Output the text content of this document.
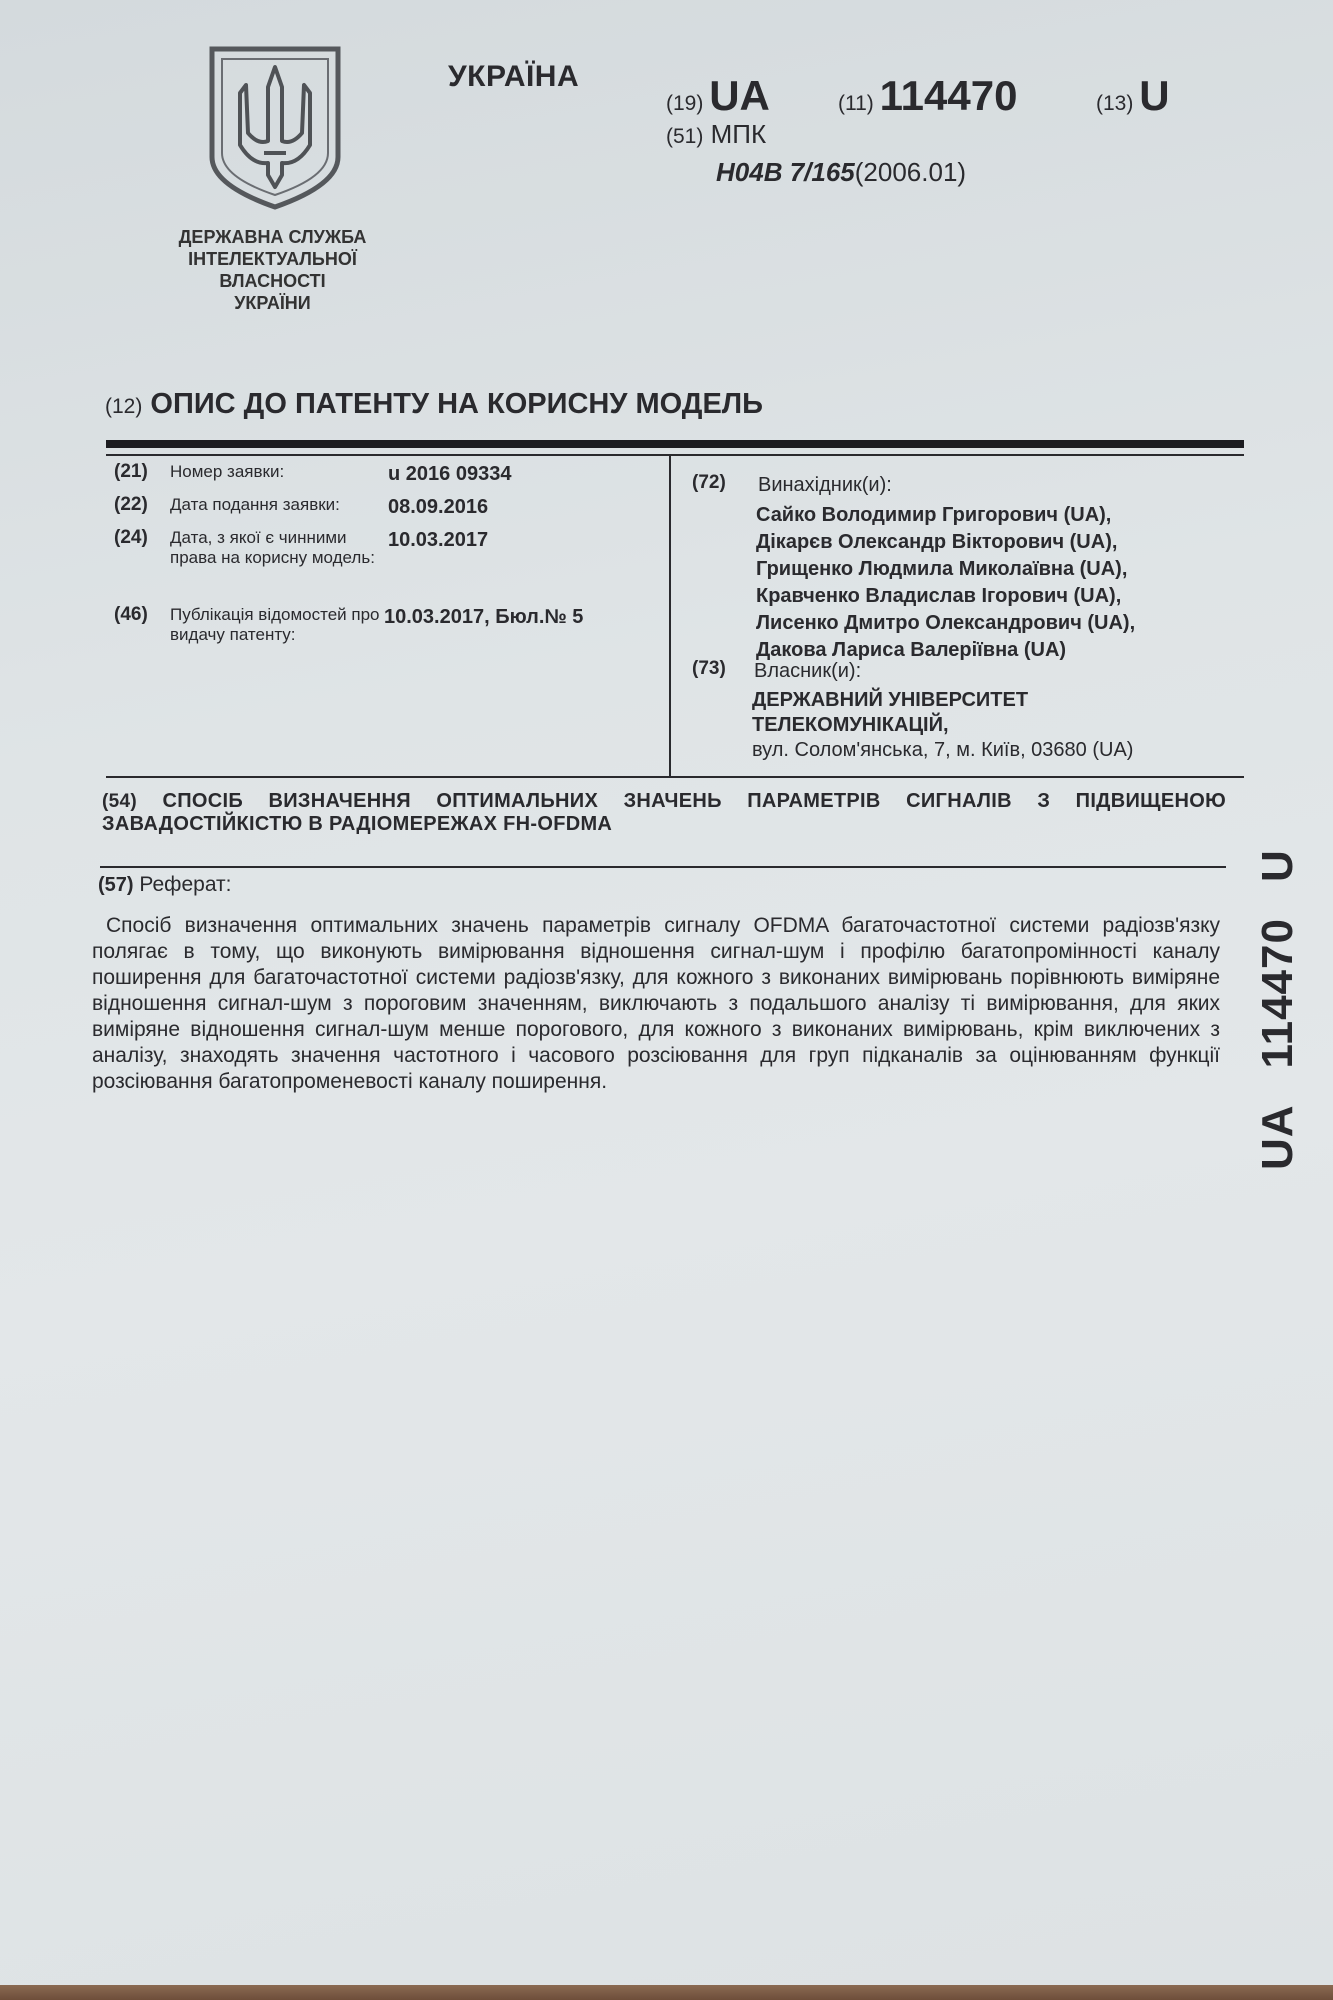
ДЕРЖАВНА СЛУЖБА
ІНТЕЛЕКТУАЛЬНОЇ
ВЛАСНОСТІ
УКРАЇНИ
УКРАЇНА
(19) UA	(11) 114470	(13) U
(51) МПК
H04B 7/165(2006.01)
(12) ОПИС ДО ПАТЕНТУ НА КОРИСНУ МОДЕЛЬ
(21) Номер заявки:	u 2016 09334
(22) Дата подання заявки:	08.09.2016
(24) Дата, з якої є чинними права на корисну модель:
10.03.2017
(46) Публікація відомостей про видачу патенту:
10.03.2017, Бюл.№ 5
(72) Винахідник(и):
Сайко Володимир Григорович (UA),
Дікарєв Олександр Вікторович (UA),
Грищенко Людмила Миколаївна (UA),
Кравченко Владислав Ігорович (UA),
Лисенко Дмитро Олександрович (UA),
Дакова Лариса Валеріївна (UA)
(73) Власник(и):
ДЕРЖАВНИЙ УНІВЕРСИТЕТ
ТЕЛЕКОМУНІКАЦІЙ,
вул. Солом'янська, 7, м. Київ, 03680 (UA)
(54) СПОСІБ ВИЗНАЧЕННЯ ОПТИМАЛЬНИХ ЗНАЧЕНЬ ПАРАМЕТРІВ СИГНАЛІВ З ПІДВИЩЕНОЮ ЗАВАДОСТІЙКІСТЮ В РАДІОМЕРЕЖАХ FH-OFDMA
(57) Реферат:
Спосіб визначення оптимальних значень параметрів сигналу OFDMA багаточастотної системи радіозв'язку полягає в тому, що виконують вимірювання відношення сигнал-шум і профілю багатопромінності каналу поширення для багаточастотної системи радіозв'язку, для кожного з виконаних вимірювань порівнюють виміряне відношення сигнал-шум з пороговим значенням, виключають з подальшого аналізу ті вимірювання, для яких виміряне відношення сигнал-шум менше порогового, для кожного з виконаних вимірювань, крім виключених з аналізу, знаходять значення частотного і часового розсіювання для груп підканалів за оцінюванням функції розсіювання багатопроменевості каналу поширення.
UA114470U
